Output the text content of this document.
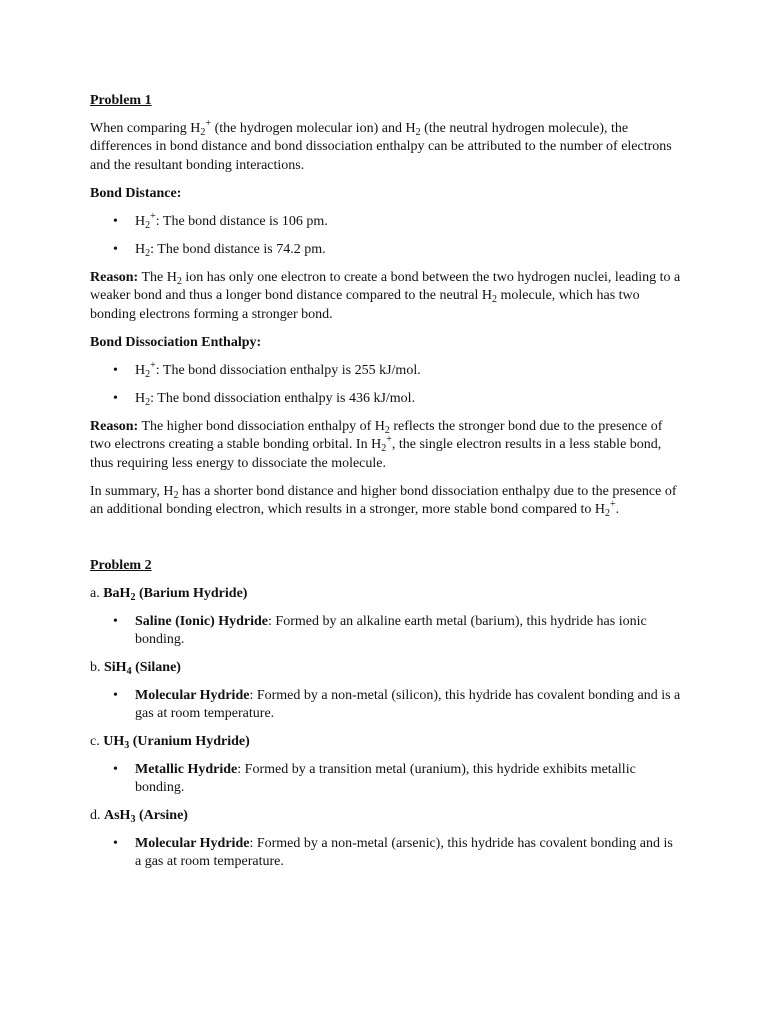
Problem 1

When comparing $H_2^+$ (the hydrogen molecular ion) and $H_2$ (the neutral hydrogen molecule), the differences in bond distance and bond dissociation enthalpy can be attributed to the number of electrons and the resultant bonding interactions.

Bond Distance:
• $H_2^+$: The bond distance is 106 pm.
• $H_2$: The bond distance is 74.2 pm.

Reason: The $H_2$ ion has only one electron to create a bond between the two hydrogen nuclei, leading to a weaker bond and thus a longer bond distance compared to the neutral $H_2$ molecule, which has two bonding electrons forming a stronger bond.

Bond Dissociation Enthalpy:
• $H_2^+$: The bond dissociation enthalpy is 255 kJ/mol.
• $H_2$: The bond dissociation enthalpy is 436 kJ/mol.

Reason: The higher bond dissociation enthalpy of $H_2$ reflects the stronger bond due to the presence of two electrons creating a stable bonding orbital. In $H_2^+$, the single electron results in a less stable bond, thus requiring less energy to dissociate the molecule.

In summary, $H_2$ has a shorter bond distance and higher bond dissociation enthalpy due to the presence of an additional bonding electron, which results in a stronger, more stable bond compared to $H_2^+$.

Problem 2
a. BaH$_2$ (Barium Hydride)
• Saline (Ionic) Hydride: Formed by an alkaline earth metal (barium), this hydride has ionic bonding.
b. SiH$_4$ (Silane)
• Molecular Hydride: Formed by a non-metal (silicon), this hydride has covalent bonding and is a gas at room temperature.
c. $UH_3$ (Uranium Hydride)
• Metallic Hydride: Formed by a transition metal (uranium), this hydride exhibits metallic bonding.
d. AsH$_3$ (Arsine)
• Molecular Hydride: Formed by a non-metal (arsenic), this hydride has covalent bonding and is a gas at room temperature.
